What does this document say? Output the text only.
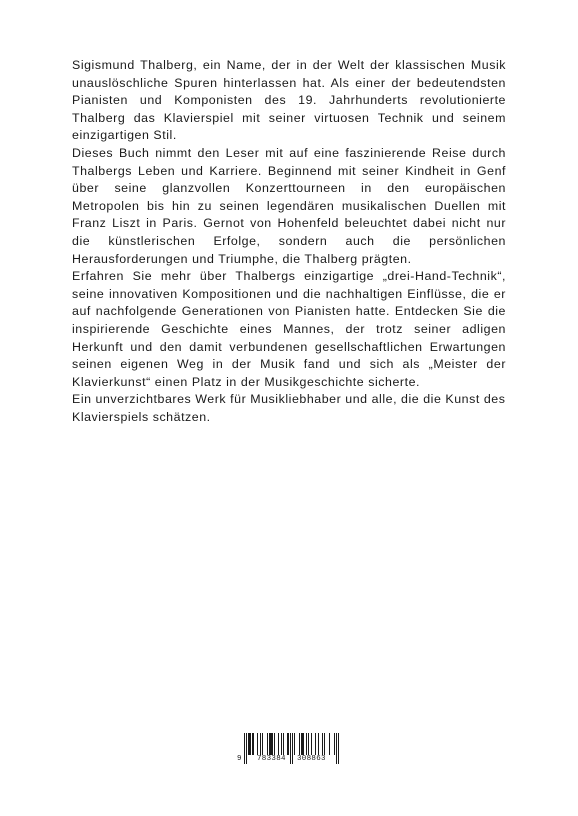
Sigismund Thalberg, ein Name, der in der Welt der klassischen Musik unauslöschliche Spuren hinterlassen hat. Als einer der bedeutendsten Pianisten und Komponisten des 19. Jahrhunderts revolutionierte Thalberg das Klavierspiel mit seiner virtuosen Technik und seinem einzigartigen Stil.

Dieses Buch nimmt den Leser mit auf eine faszinierende Reise durch Thalbergs Leben und Karriere. Beginnend mit seiner Kindheit in Genf über seine glanzvollen Konzerttourneen in den europäischen Metropolen bis hin zu seinen legendären musikalischen Duellen mit Franz Liszt in Paris. Gernot von Hohenfeld beleuchtet dabei nicht nur die künstlerischen Erfolge, sondern auch die persönlichen Herausforderungen und Triumphe, die Thalberg prägten.

Erfahren Sie mehr über Thalbergs einzigartige „drei-Hand-Technik“, seine innovativen Kompositionen und die nachhaltigen Einflüsse, die er auf nachfolgende Generationen von Pianisten hatte. Entdecken Sie die inspirierende Geschichte eines Mannes, der trotz seiner adligen Herkunft und den damit verbundenen gesellschaftlichen Erwartungen seinen eigenen Weg in der Musik fand und sich als „Meister der Klavierkunst“ einen Platz in der Musikgeschichte sicherte.

Ein unverzichtbares Werk für Musikliebhaber und alle, die die Kunst des Klavierspiels schätzen.

9 783384 308863
